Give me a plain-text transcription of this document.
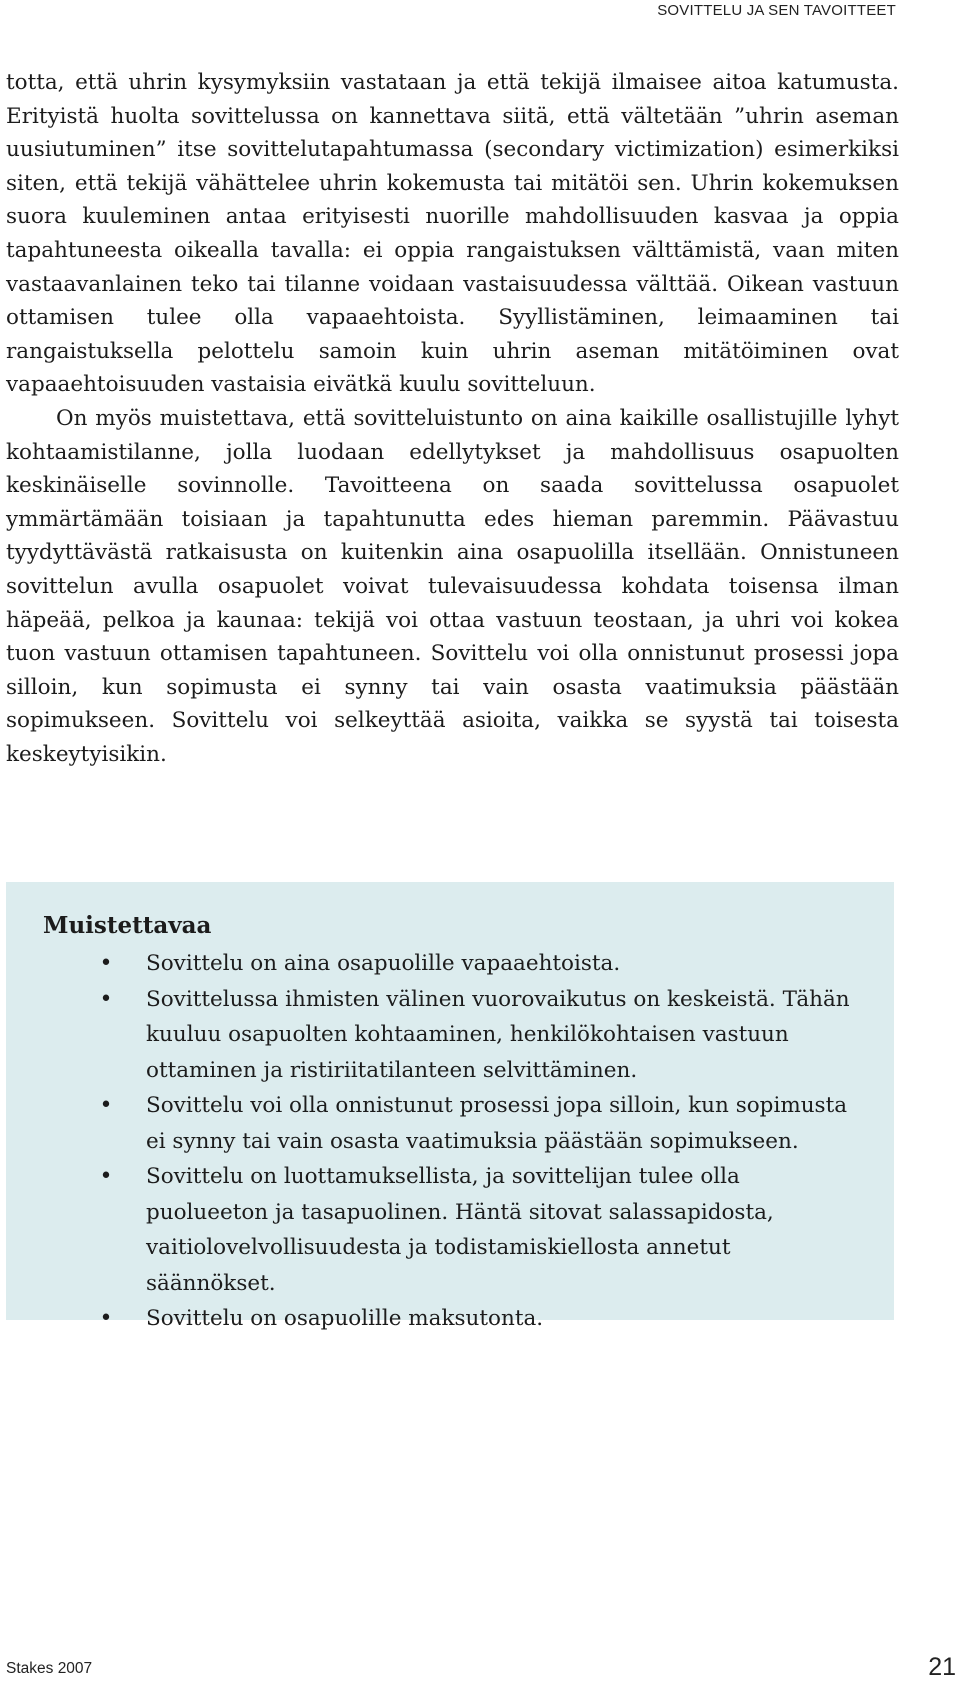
SOVITTELU JA SEN TAVOITTEET

totta, että uhrin kysymyksiin vastataan ja että tekijä ilmaisee aitoa katumusta. Erityistä huolta sovittelussa on kannettava siitä, että vältetään ”uhrin aseman uusiutuminen” itse sovittelutapahtumassa (secondary victimization) esimerkiksi siten, että tekijä vähättelee uhrin kokemusta tai mitätöi sen. Uhrin kokemuksen suora kuuleminen antaa erityisesti nuorille mahdollisuuden kasvaa ja oppia tapahtuneesta oikealla tavalla: ei oppia rangaistuksen välttämistä, vaan miten vastaavanlainen teko tai tilanne voidaan vastaisuudessa välttää. Oikean vastuun ottamisen tulee olla vapaaehtoista. Syyllistäminen, leimaaminen tai rangaistuksella pelottelu samoin kuin uhrin aseman mitätöiminen ovat vapaaehtoisuuden vastaisia eivätkä kuulu sovitteluun.

On myös muistettava, että sovitteluistunto on aina kaikille osallistujille lyhyt kohtaamistilanne, jolla luodaan edellytykset ja mahdollisuus osapuolten keskinäiselle sovinnolle. Tavoitteena on saada sovittelussa osapuolet ymmärtämään toisiaan ja tapahtunutta edes hieman paremmin. Päävastuu tyydyttävästä ratkaisusta on kuitenkin aina osapuolilla itsellään. Onnistuneen sovittelun avulla osapuolet voivat tulevaisuudessa kohdata toisensa ilman häpeää, pelkoa ja kaunaa: tekijä voi ottaa vastuun teostaan, ja uhri voi kokea tuon vastuun ottamisen tapahtuneen. Sovittelu voi olla onnistunut prosessi jopa silloin, kun sopimusta ei synny tai vain osasta vaatimuksia päästään sopimukseen. Sovittelu voi selkeyttää asioita, vaikka se syystä tai toisesta keskeytyisikin.

Muistettavaa
• Sovittelu on aina osapuolille vapaaehtoista.
• Sovittelussa ihmisten välinen vuorovaikutus on keskeistä. Tähän kuuluu osapuolten kohtaaminen, henkilökohtaisen vastuun ottaminen ja ristiriitatilanteen selvittäminen.
• Sovittelu voi olla onnistunut prosessi jopa silloin, kun sopimusta ei synny tai vain osasta vaatimuksia päästään sopimukseen.
• Sovittelu on luottamuksellista, ja sovittelijan tulee olla puolueeton ja tasapuolinen. Häntä sitovat salassapidosta, vaitiolovelvollisuudesta ja todistamiskiellosta annetut säännökset.
• Sovittelu on osapuolille maksutonta.
Stakes 2007	21
